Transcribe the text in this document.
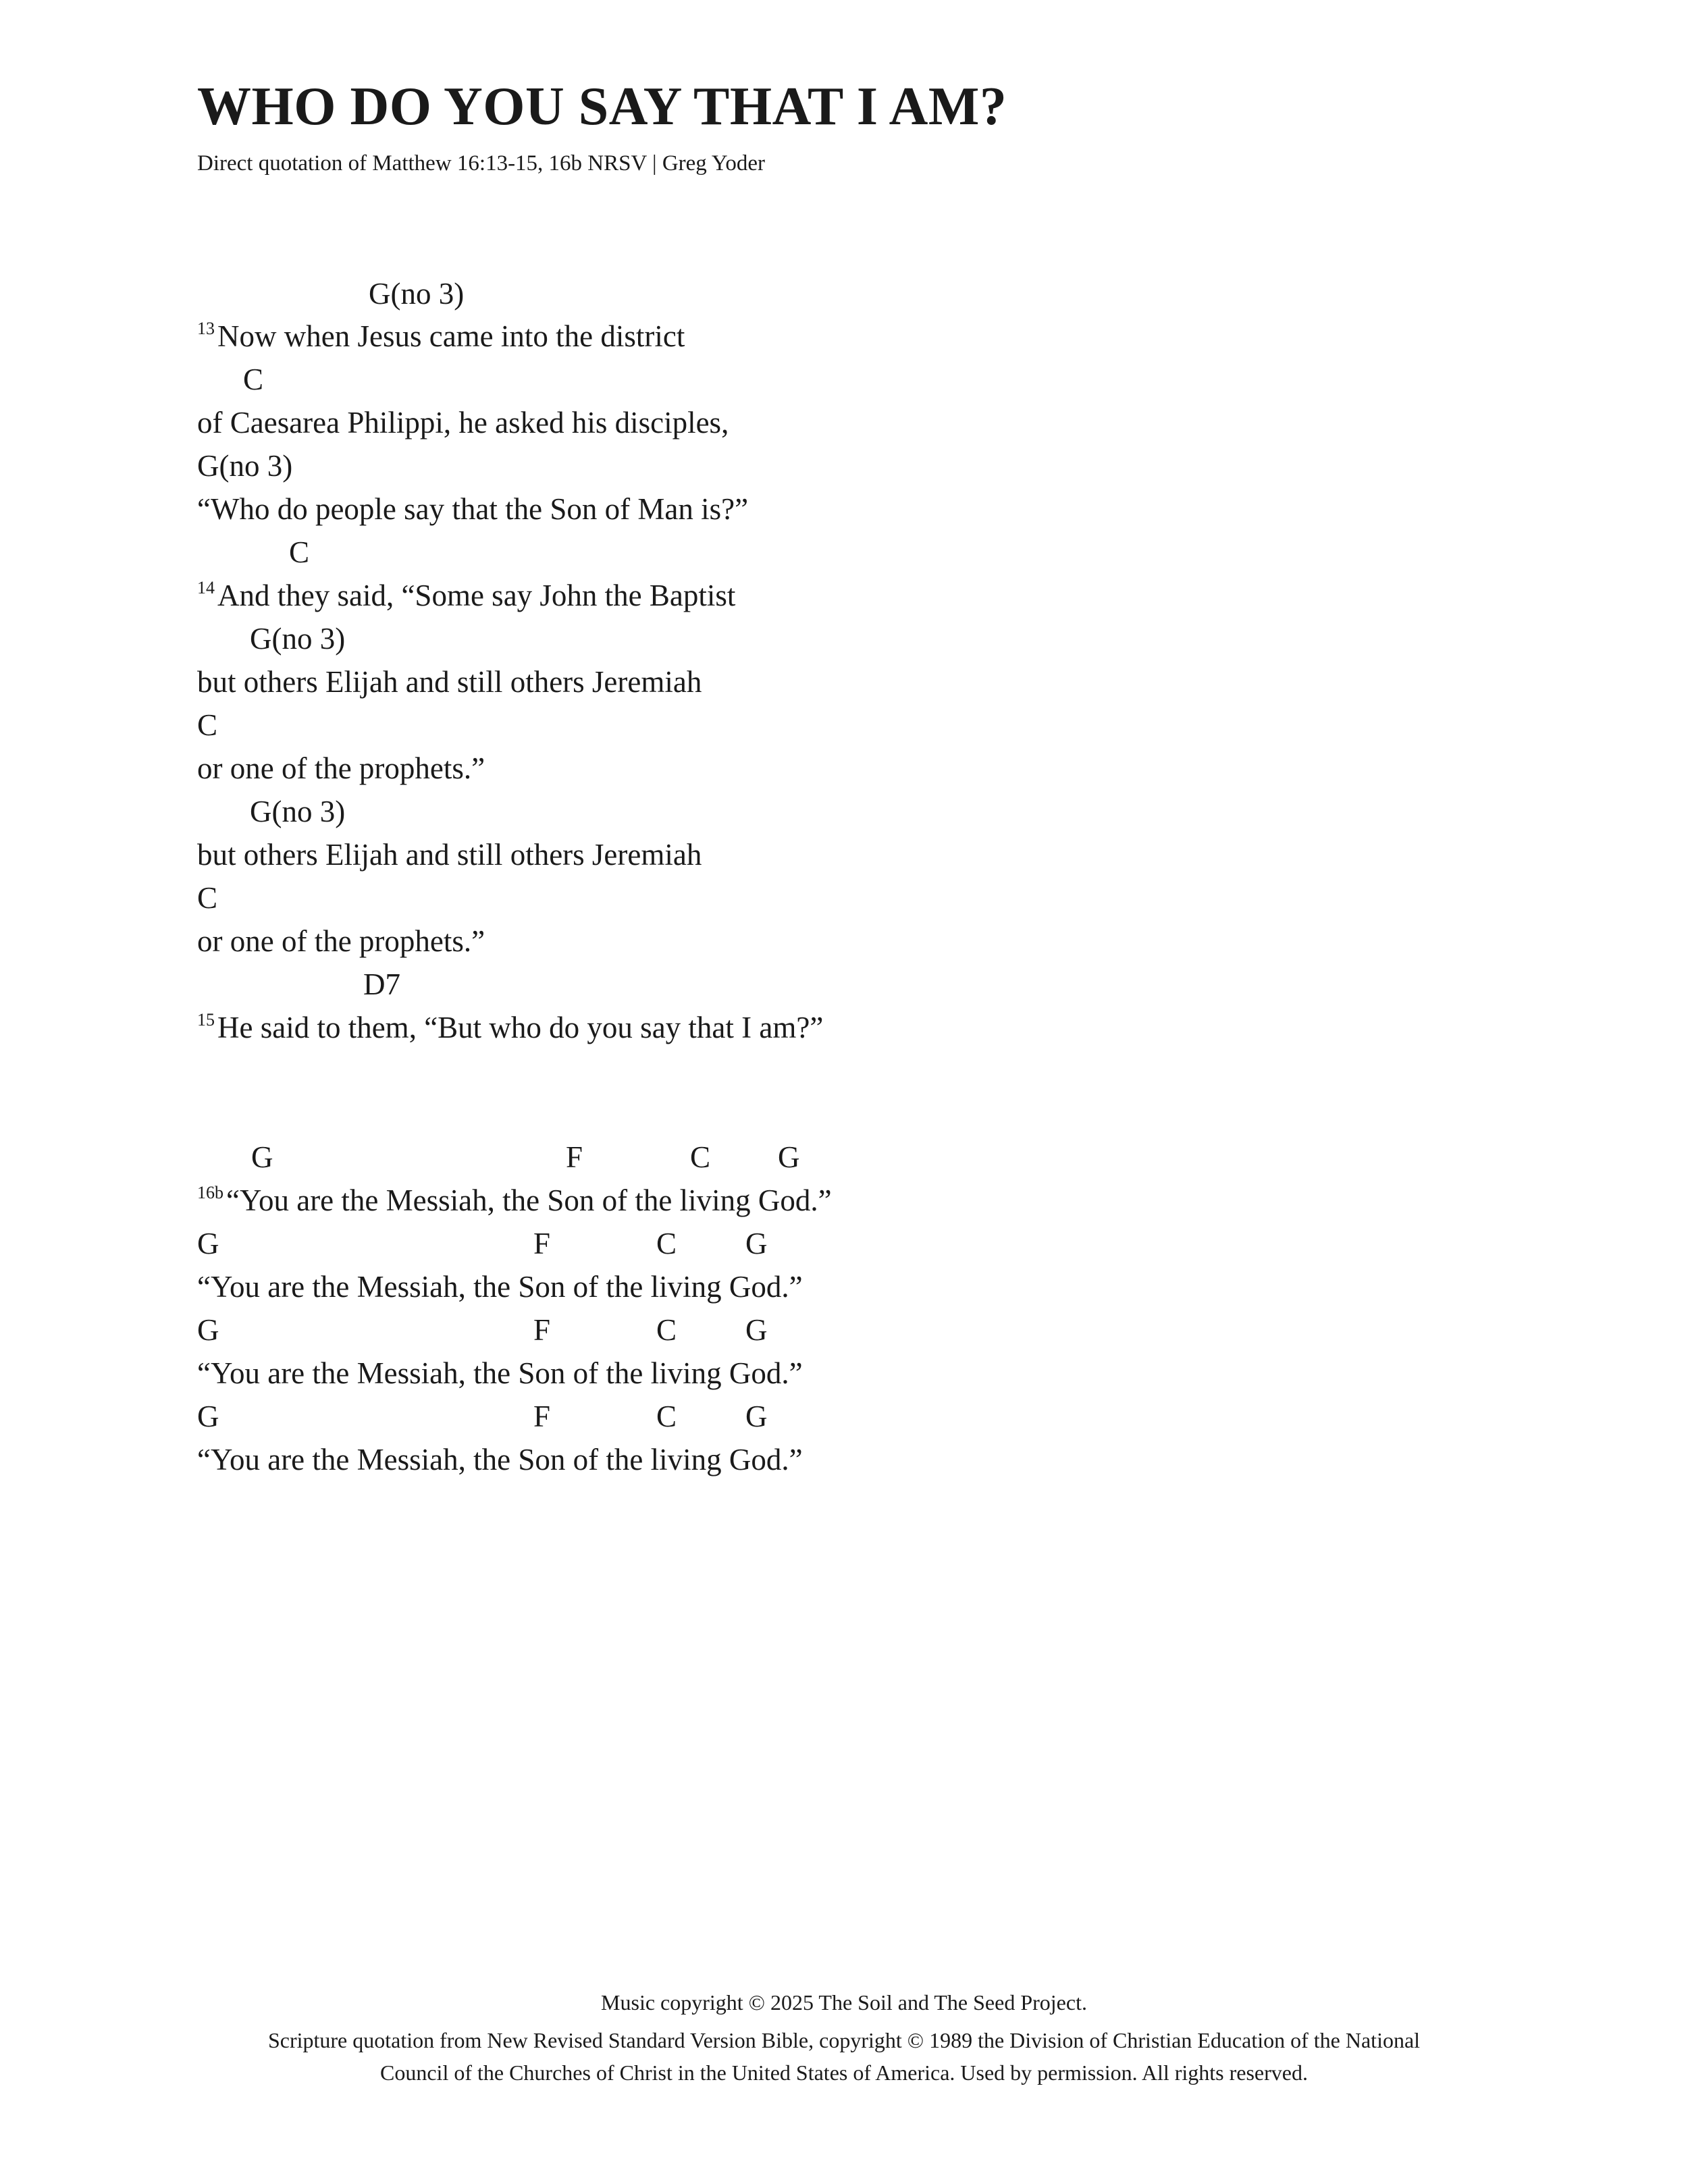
WHO DO YOU SAY THAT I AM?
Direct quotation of Matthew 16:13-15, 16b NRSV | Greg Yoder
G(no 3)
$^{13}$Now when Jesus came into the district
C
of Caesarea Philippi, he asked his disciples,
G(no 3)
“Who do people say that the Son of Man is?”
C
$^{14}$And they said, “Some say John the Baptist
G(no 3)
but others Elijah and still others Jeremiah
C
or one of the prophets.”
G(no 3)
but others Elijah and still others Jeremiah
C
or one of the prophets.”
D7
$^{15}$He said to them, “But who do you say that I am?”
G	F	C G
$^{16b}$“You are the Messiah, the Son of the living God.”
G	F	C G
“You are the Messiah, the Son of the living God.”
G	F	C G
“You are the Messiah, the Son of the living God.”
G	F	C G
“You are the Messiah, the Son of the living God.”
Music copyright © 2025 The Soil and The Seed Project.
Scripture quotation from New Revised Standard Version Bible, copyright © 1989 the Division of Christian Education of the National
Council of the Churches of Christ in the United States of America. Used by permission. All rights reserved.
